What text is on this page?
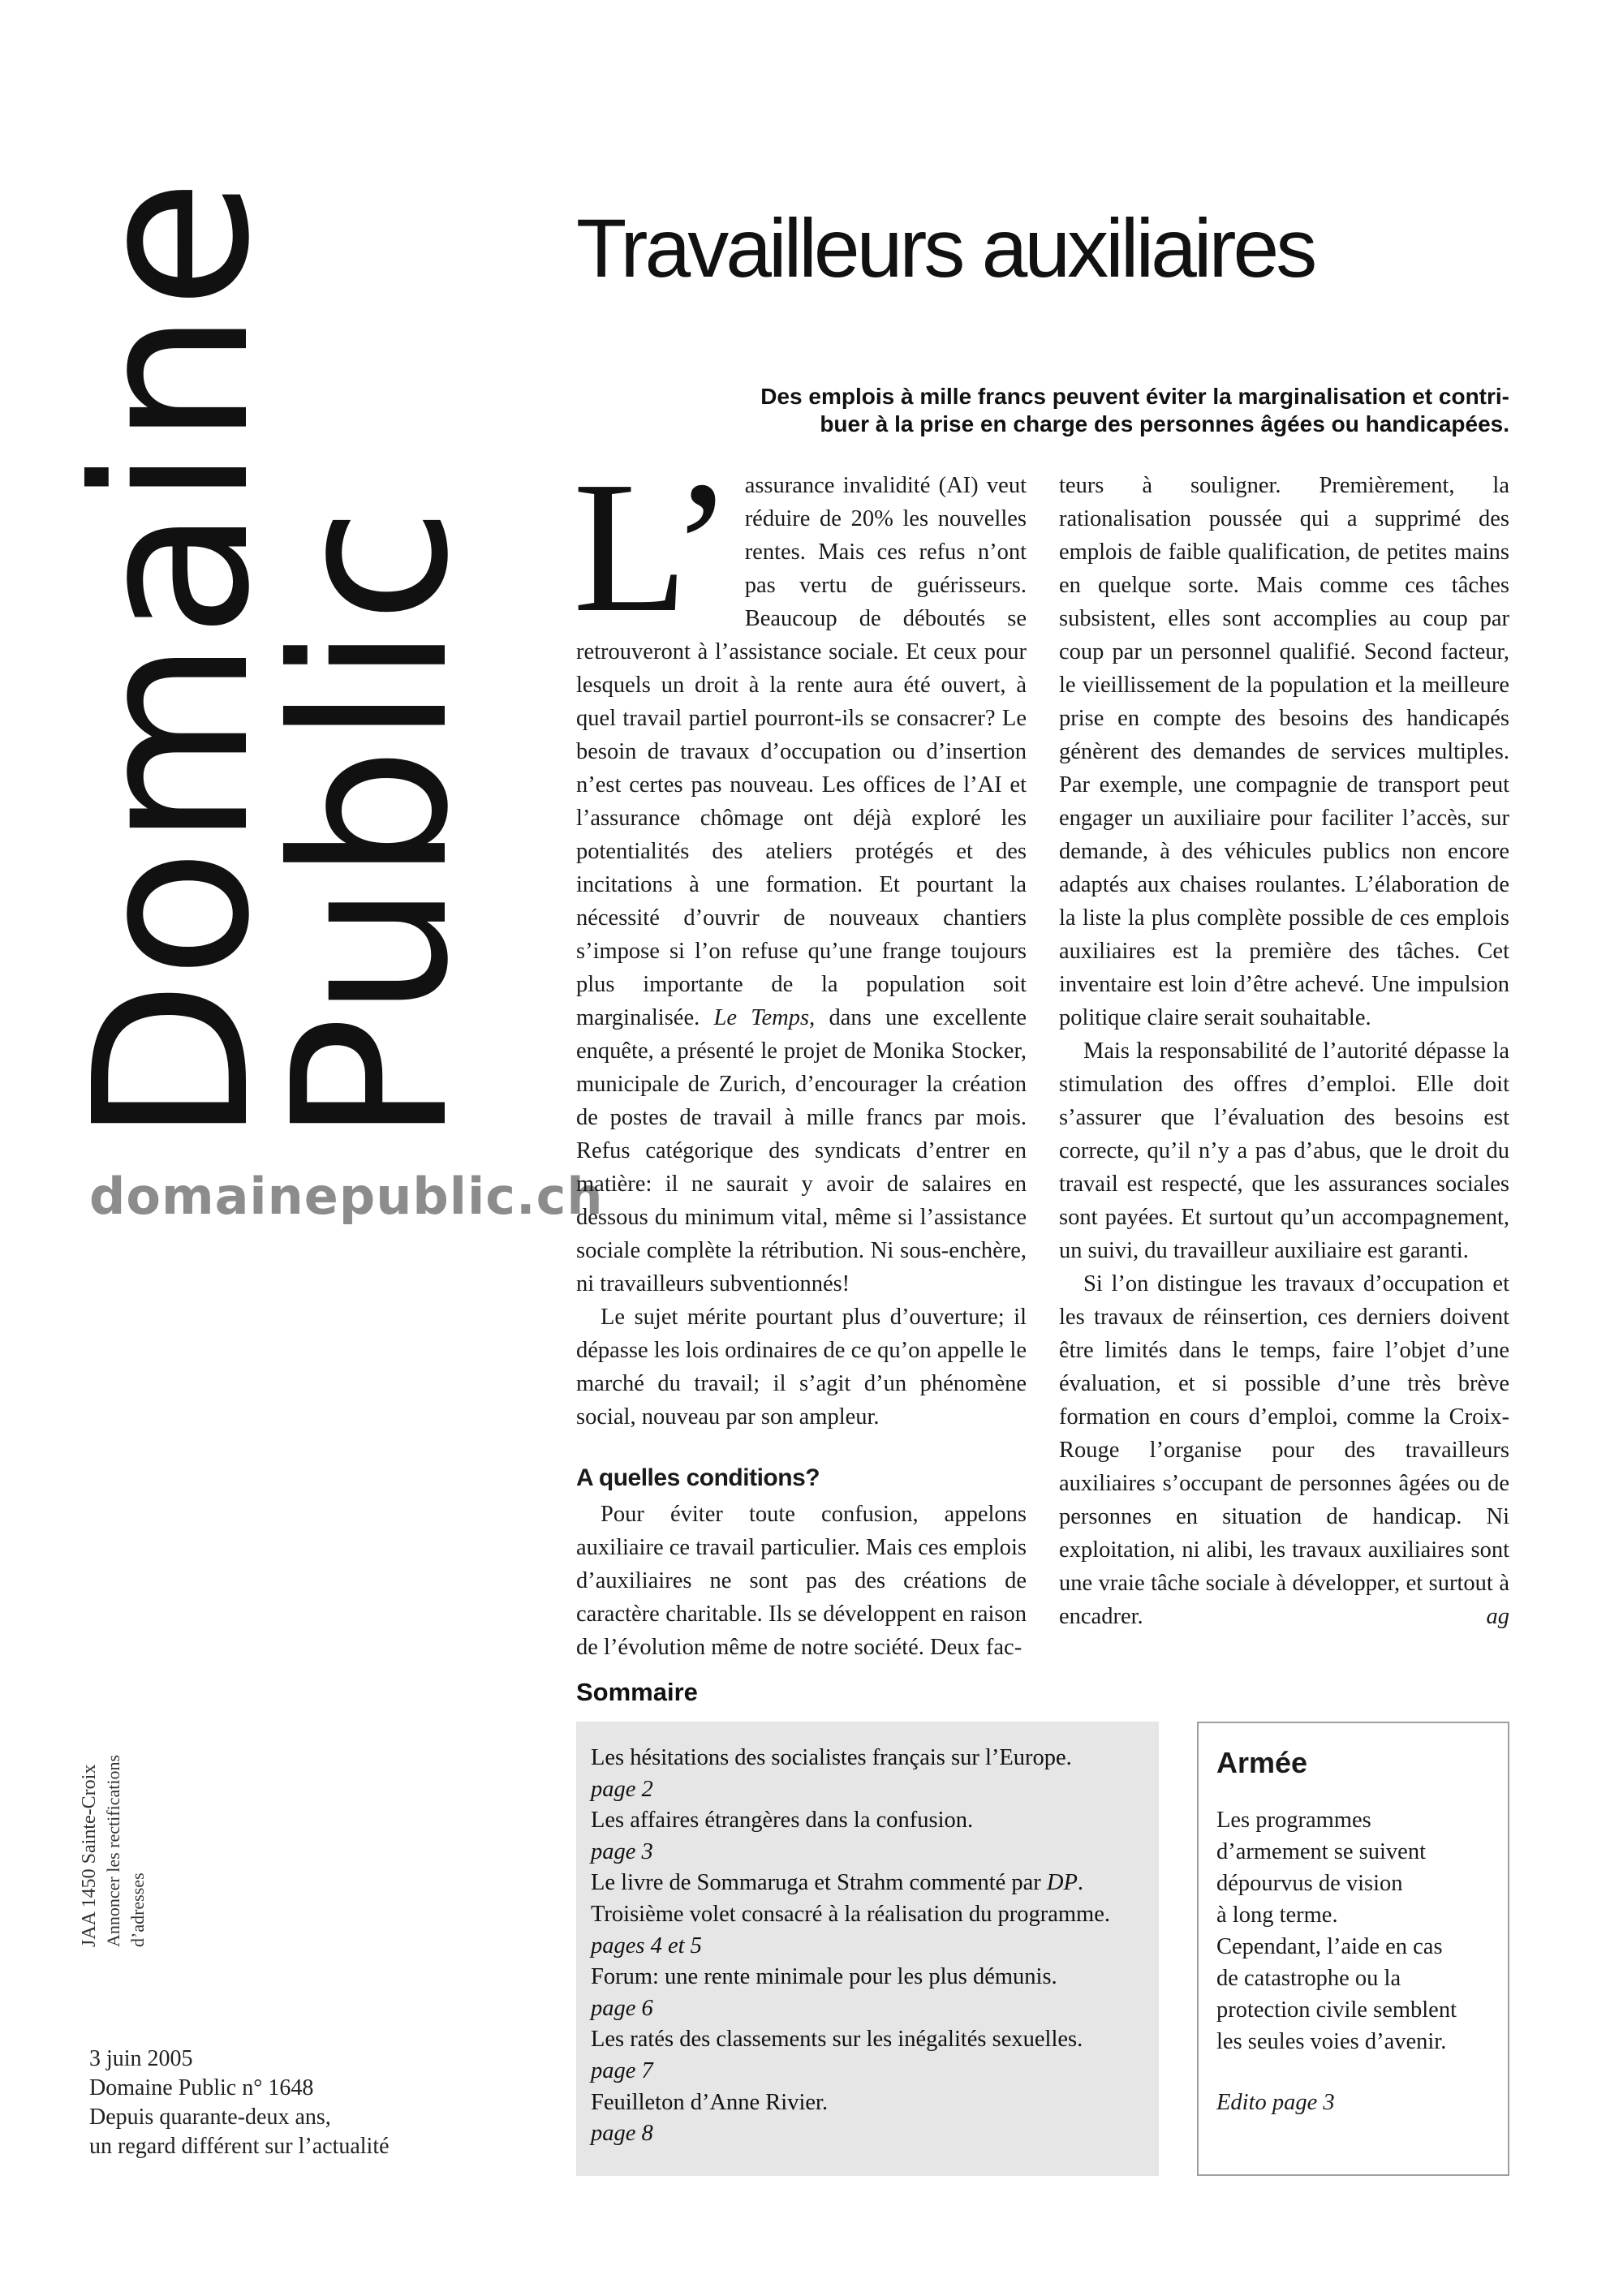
Domaine
Public
domainepublic.ch
JAA 1450 Sainte-Croix Annoncer les rectifications d’adresses
3 juin 2005
Domaine Public n° 1648
Depuis quarante-deux ans,
un regard différent sur l’actualité
Travailleurs auxiliaires
Des emplois à mille francs peuvent éviter la marginalisation et contri-
buer à la prise en charge des personnes âgées ou handicapées.

L’ assurance invalidité (AI) veut réduire de 20% les nouvelles rentes. Mais ces refus n’ont pas vertu de guérisseurs. Beaucoup de déboutés se retrouveront à l’assistance sociale. Et ceux pour lesquels un droit à la rente aura été ouvert, à quel travail partiel pourront-ils se consacrer? Le besoin de travaux d’occupation ou d’insertion n’est certes pas nouveau. Les offices de l’AI et l’assurance chômage ont déjà exploré les potentialités des ateliers protégés et des incitations à une formation. Et pourtant la nécessité d’ouvrir de nouveaux chantiers s’impose si l’on refuse qu’une frange toujours plus importante de la population soit marginalisée. Le Temps, dans une excellente enquête, a présenté le projet de Monika Stocker, municipale de Zurich, d’encourager la création de postes de travail à mille francs par mois. Refus catégorique des syndicats d’entrer en matière: il ne saurait y avoir de salaires en dessous du minimum vital, même si l’assistance sociale complète la rétribution. Ni sous-enchère, ni travailleurs subventionnés!

Le sujet mérite pourtant plus d’ouverture; il dépasse les lois ordinaires de ce qu’on appelle le marché du travail; il s’agit d’un phénomène social, nouveau par son ampleur.

A quelles conditions?

Pour éviter toute confusion, appelons auxiliaire ce travail particulier. Mais ces emplois d’auxiliaires ne sont pas des créations de caractère charitable. Ils se développent en raison de l’évolution même de notre société. Deux fac-

teurs à souligner. Premièrement, la rationalisation poussée qui a supprimé des emplois de faible qualification, de petites mains en quelque sorte. Mais comme ces tâches subsistent, elles sont accomplies au coup par coup par un personnel qualifié. Second facteur, le vieillissement de la population et la meilleure prise en compte des besoins des handicapés génèrent des demandes de services multiples. Par exemple, une compagnie de transport peut engager un auxiliaire pour faciliter l’accès, sur demande, à des véhicules publics non encore adaptés aux chaises roulantes. L’élaboration de la liste la plus complète possible de ces emplois auxiliaires est la première des tâches. Cet inventaire est loin d’être achevé. Une impulsion politique claire serait souhaitable.

Mais la responsabilité de l’autorité dépasse la stimulation des offres d’emploi. Elle doit s’assurer que l’évaluation des besoins est correcte, qu’il n’y a pas d’abus, que le droit du travail est respecté, que les assurances sociales sont payées. Et surtout qu’un accompagnement, un suivi, du travailleur auxiliaire est garanti.

Si l’on distingue les travaux d’occupation et les travaux de réinsertion, ces derniers doivent être limités dans le temps, faire l’objet d’une évaluation, et si possible d’une très brève formation en cours d’emploi, comme la Croix-Rouge l’organise pour des travailleurs auxiliaires s’occupant de personnes âgées ou de personnes en situation de handicap. Ni exploitation, ni alibi, les travaux auxiliaires sont une vraie tâche sociale à développer, et surtout à encadrer.	ag

Sommaire
Les hésitations des socialistes français sur l’Europe.
page 2
Les affaires étrangères dans la confusion.
page 3
Le livre de Sommaruga et Strahm commenté par DP.
Troisième volet consacré à la réalisation du programme.
pages 4 et 5
Forum: une rente minimale pour les plus démunis.
page 6
Les ratés des classements sur les inégalités sexuelles.
page 7
Feuilleton d’Anne Rivier.
page 8
Armée
Les programmes
d’armement se suivent
dépourvus de vision
à long terme.
Cependant, l’aide en cas
de catastrophe ou la
protection civile semblent
les seules voies d’avenir.
Edito page 3
